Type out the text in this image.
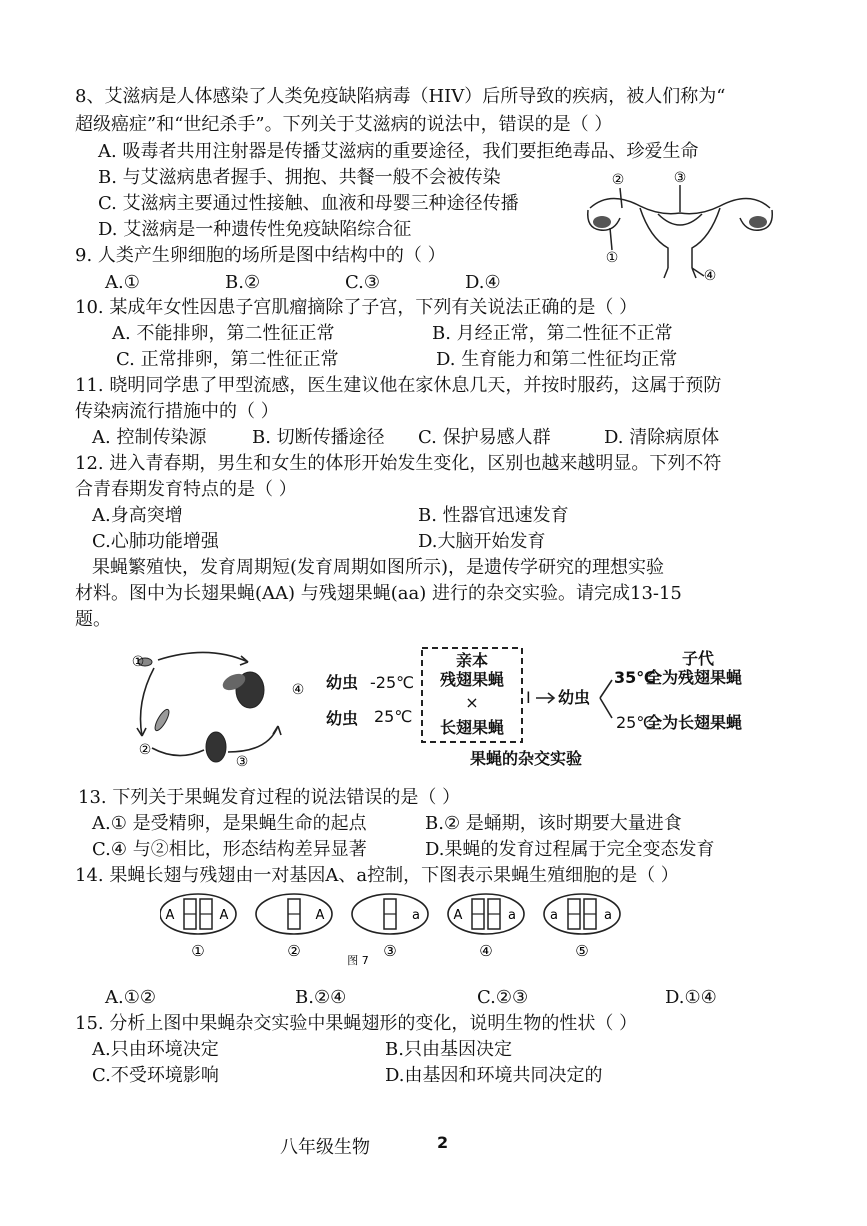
8、艾滋病是人体感染了人类免疫缺陷病毒（HIV）后所导致的疾病，被人们称为“
超级癌症”和“世纪杀手”。下列关于艾滋病的说法中，错误的是（ ）
A. 吸毒者共用注射器是传播艾滋病的重要途径，我们要拒绝毒品、珍爱生命
B. 与艾滋病患者握手、拥抱、共餐一般不会被传染
C. 艾滋病主要通过性接触、血液和母婴三种途径传播
D. 艾滋病是一种遗传性免疫缺陷综合征
②	③
①
④
9. 人类产生卵细胞的场所是图中结构中的（ ）
A.①	B.②	C.③	D.④
10. 某成年女性因患子宫肌瘤摘除了子宫，下列有关说法正确的是（ ）
A. 不能排卵，第二性征正常	B. 月经正常，第二性征不正常
C. 正常排卵，第二性征正常	D. 生育能力和第二性征均正常
11. 晓明同学患了甲型流感，医生建议他在家休息几天，并按时服药，这属于预防
传染病流行措施中的（ ）
A. 控制传染源	B. 切断传播途径 C. 保护易感人群	D. 清除病原体
12. 进入青春期，男生和女生的体形开始发生变化，区别也越来越明显。下列不符
合青春期发育特点的是（ ）
A.身高突增	B. 性器官迅速发育
C.心肺功能增强	D.大脑开始发育
果蝇繁殖快，发育周期短(发育周期如图所示)，是遗传学研究的理想实验
材料。图中为长翅果蝇(AA) 与残翅果蝇(aa) 进行的杂交实验。请完成13-15
题。
②
①
③
④
亲本
残翅果蝇
×
长翅果蝇
幼虫
幼虫
-25℃
25℃
I 幼虫
子代
35℃
全为残翅果蝇
25℃
全为长翅果蝇
果蝇的杂交实验
13. 下列关于果蝇发育过程的说法错误的是（ ）
A.① 是受精卵，是果蝇生命的起点	B.② 是蛹期，该时期要大量进食
C.④ 与②相比，形态结构差异显著	D.果蝇的发育过程属于完全变态发育
14. 果蝇长翅与残翅由一对基因A、a控制，下图表示果蝇生殖细胞的是（ ）
A	A
①
A
②
a
③
A	a
④
a	a
⑤
图 7
A.①②	B.②④	C.②③	D.①④
15. 分析上图中果蝇杂交实验中果蝇翅形的变化，说明生物的性状（ ）
A.只由环境决定	B.只由基因决定
C.不受环境影响	D.由基因和环境共同决定的
八年级生物	2
